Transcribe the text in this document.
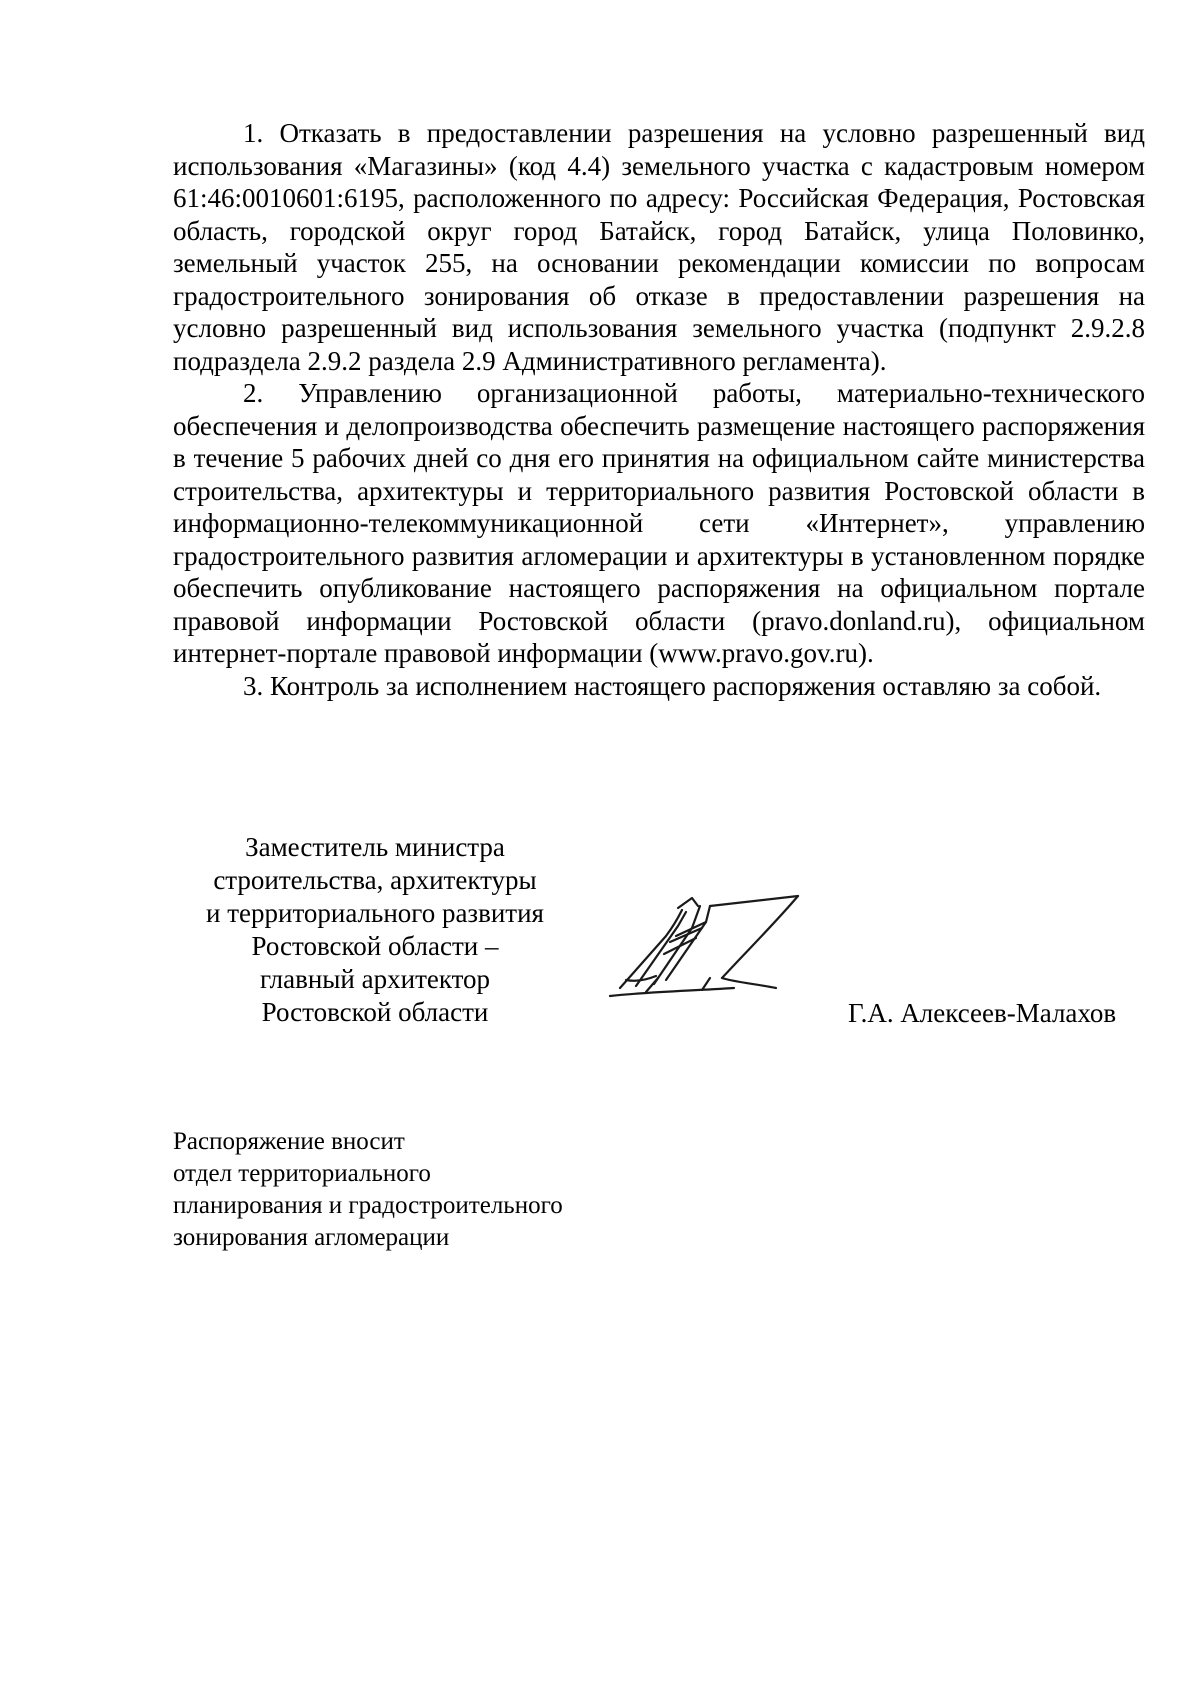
1. Отказать в предоставлении разрешения на условно разрешенный вид использования «Магазины» (код 4.4) земельного участка с кадастровым номером 61:46:0010601:6195, расположенного по адресу: Российская Федерация, Ростовская область, городской округ город Батайск, город Батайск, улица Половинко, земельный участок 255, на основании рекомендации комиссии по вопросам градостроительного зонирования об отказе в предоставлении разрешения на условно разрешенный вид использования земельного участка (подпункт 2.9.2.8 подраздела 2.9.2 раздела 2.9 Административного регламента).

2. Управлению организационной работы, материально-технического обеспечения и делопроизводства обеспечить размещение настоящего распоряжения в течение 5 рабочих дней со дня его принятия на официальном сайте министерства строительства, архитектуры и территориального развития Ростовской области в информационно-телекоммуникационной сети «Интернет», управлению градостроительного развития агломерации и архитектуры в установленном порядке обеспечить опубликование настоящего распоряжения на официальном портале правовой информации Ростовской области (pravo.donland.ru), официальном интернет-портале правовой информации (www.pravo.gov.ru).

3. Контроль за исполнением настоящего распоряжения оставляю за собой.

Заместитель министра
строительства, архитектуры
и территориального развития
Ростовской области –
главный архитектор
Ростовской области	Г.А. Алексеев-Малахов
Распоряжение вносит
отдел территориального
планирования и градостроительного
зонирования агломерации
